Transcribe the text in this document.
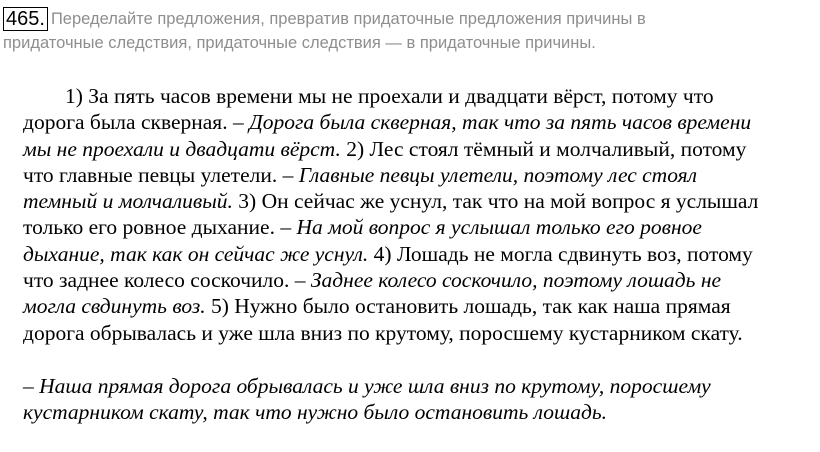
465. Переделайте предложения, превратив придаточные предложения причины в
придаточные следствия, придаточные следствия — в придаточные причины.
1) За пять часов времени мы не проехали и двадцати вёрст, потому что
дорога была скверная. – Дорога была скверная, так что за пять часов времени
мы не проехали и двадцати вёрст. 2) Лес стоял тёмный и молчаливый, потому
что главные певцы улетели. – Главные певцы улетели, поэтому лес стоял
темный и молчаливый. 3) Он сейчас же уснул, так что на мой вопрос я услышал
только его ровное дыхание. – На мой вопрос я услышал только его ровное
дыхание, так как он сейчас же уснул. 4) Лошадь не могла сдвинуть воз, потому
что заднее колесо соскочило. – Заднее колесо соскочило, поэтому лошадь не
могла свдинуть воз. 5) Нужно было остановить лошадь, так как наша прямая
дорога обрывалась и уже шла вниз по крутому, поросшему кустарником скату.
– Наша прямая дорога обрывалась и уже шла вниз по крутому, поросшему
кустарником скату, так что нужно было остановить лошадь.
